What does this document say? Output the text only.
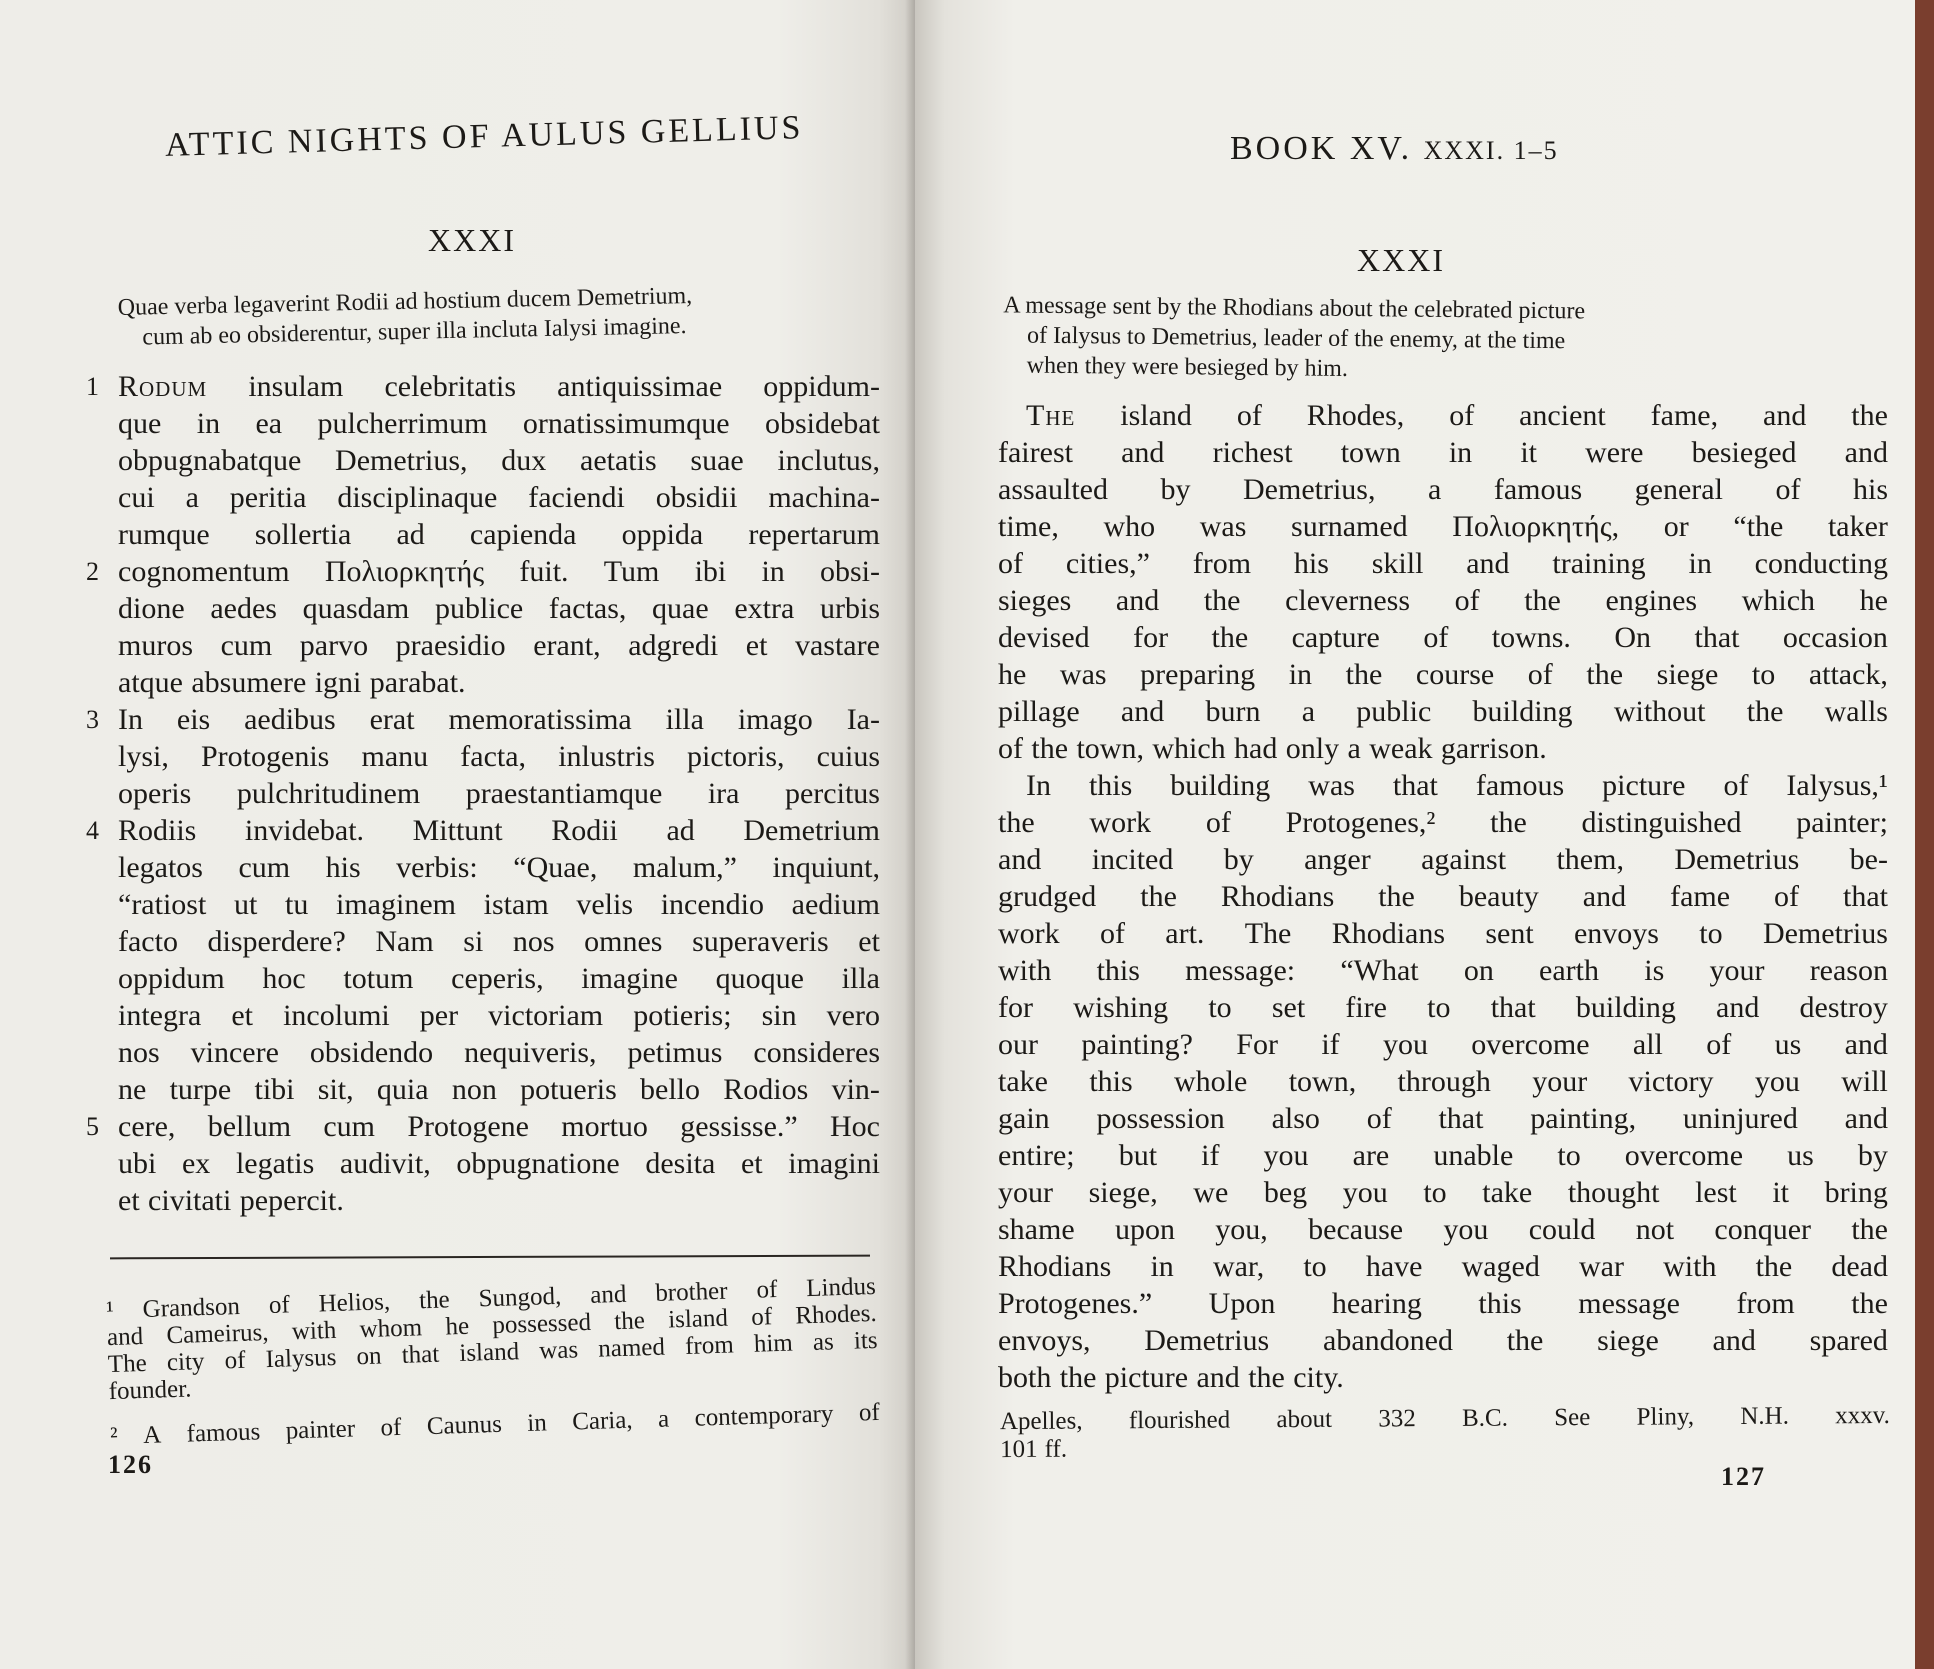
ATTIC NIGHTS OF AULUS GELLIUS
XXXI
Quae verba legaverint Rodii ad hostium ducem Demetrium,
cum ab eo obsiderentur, super illa incluta Ialysi imagine.
1 Rodum insulam celebritatis antiquissimae oppidum-
que in ea pulcherrimum ornatissimumque obsidebat
obpugnabatque Demetrius, dux aetatis suae inclutus,
cui a peritia disciplinaque faciendi obsidii machina-
rumque sollertia ad capienda oppida repertarum
2 cognomentum Πολιορκητής fuit. Tum ibi in obsi-
dione aedes quasdam publice factas, quae extra urbis
muros cum parvo praesidio erant, adgredi et vastare
atque absumere igni parabat.
3 In eis aedibus erat memoratissima illa imago Ia-
lysi, Protogenis manu facta, inlustris pictoris, cuius
operis pulchritudinem praestantiamque ira percitus
4 Rodiis invidebat. Mittunt Rodii ad Demetrium
legatos cum his verbis: “Quae, malum,” inquiunt,
“ratiost ut tu imaginem istam velis incendio aedium
facto disperdere? Nam si nos omnes superaveris et
oppidum hoc totum ceperis, imagine quoque illa
integra et incolumi per victoriam potieris; sin vero
nos vincere obsidendo nequiveris, petimus consideres
ne turpe tibi sit, quia non potueris bello Rodios vin-
5 cere, bellum cum Protogene mortuo gessisse.” Hoc
ubi ex legatis audivit, obpugnatione desita et imagini
et civitati pepercit.
¹ Grandson of Helios, the Sungod, and brother of Lindus
and Cameirus, with whom he possessed the island of Rhodes.
The city of Ialysus on that island was named from him as its
founder.
² A famous painter of Caunus in Caria, a contemporary of
126
BOOK XV. XXXI. 1–5
XXXI
A message sent by the Rhodians about the celebrated picture
of Ialysus to Demetrius, leader of the enemy, at the time
when they were besieged by him.
The island of Rhodes, of ancient fame, and the
fairest and richest town in it were besieged and
assaulted by Demetrius, a famous general of his
time, who was surnamed Πολιορκητής, or “the taker
of cities,” from his skill and training in conducting
sieges and the cleverness of the engines which he
devised for the capture of towns. On that occasion
he was preparing in the course of the siege to attack,
pillage and burn a public building without the walls
of the town, which had only a weak garrison.
In this building was that famous picture of Ialysus,¹
the work of Protogenes,² the distinguished painter;
and incited by anger against them, Demetrius be-
grudged the Rhodians the beauty and fame of that
work of art. The Rhodians sent envoys to Demetrius
with this message: “What on earth is your reason
for wishing to set fire to that building and destroy
our painting? For if you overcome all of us and
take this whole town, through your victory you will
gain possession also of that painting, uninjured and
entire; but if you are unable to overcome us by
your siege, we beg you to take thought lest it bring
shame upon you, because you could not conquer the
Rhodians in war, to have waged war with the dead
Protogenes.” Upon hearing this message from the
envoys, Demetrius abandoned the siege and spared
both the picture and the city.
Apelles, flourished about 332 B.C. See Pliny, N.H. xxxv.
101 ff.
127
